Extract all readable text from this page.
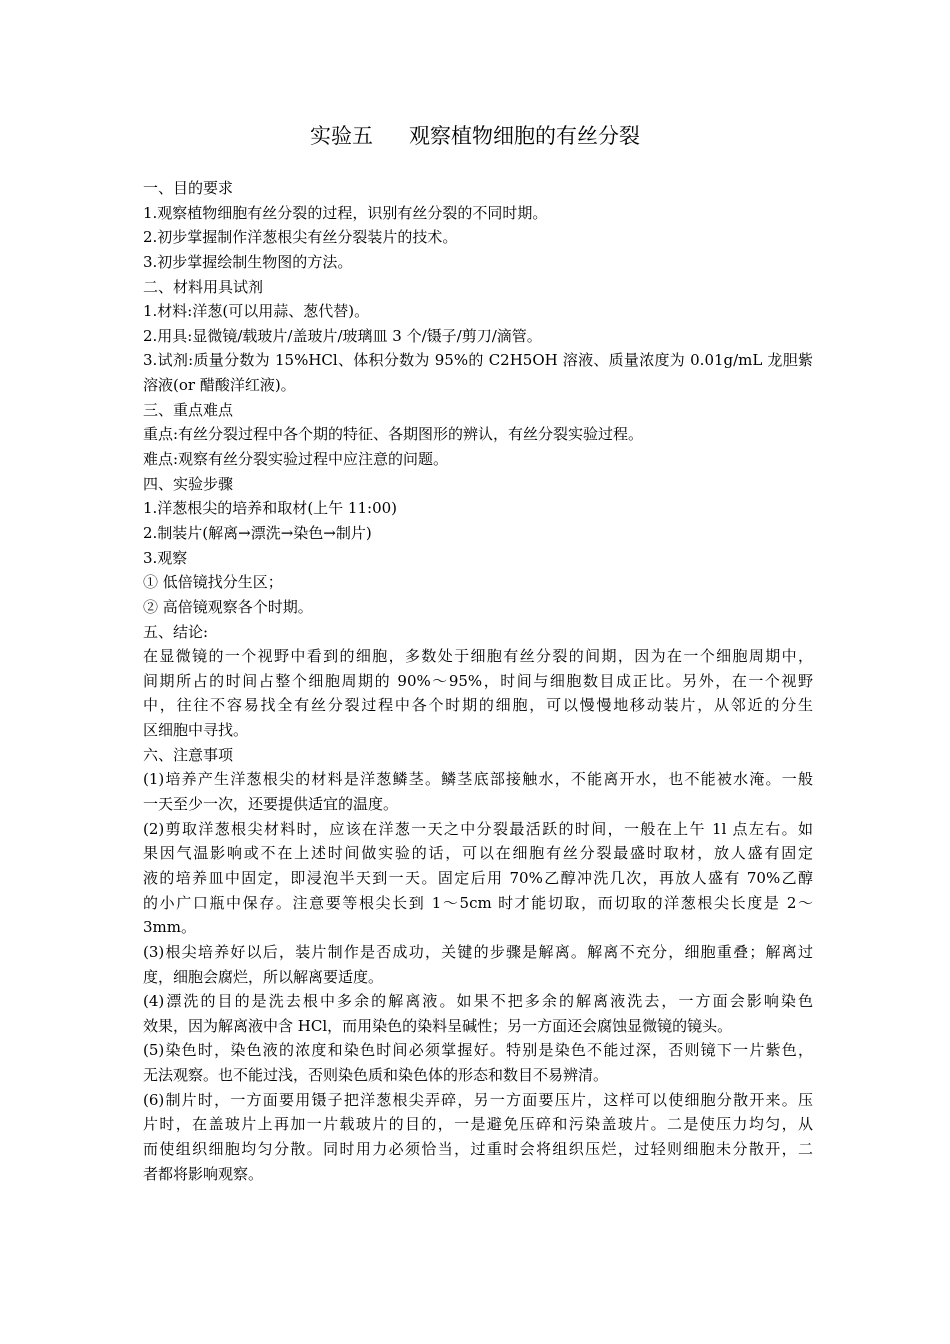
实验五 观察植物细胞的有丝分裂
一、目的要求
1.观察植物细胞有丝分裂的过程，识别有丝分裂的不同时期。
2.初步掌握制作洋葱根尖有丝分裂装片的技术。
3.初步掌握绘制生物图的方法。
二、材料用具试剂
1.材料:洋葱(可以用蒜、葱代替)。
2.用具:显微镜/载玻片/盖玻片/玻璃皿 3 个/镊子/剪刀/滴管。
3.试剂:质量分数为 15%HCl、体积分数为 95%的 C2H5OH 溶液、质量浓度为 0.01g/mL 龙胆紫
溶液(or 醋酸洋红液)。
三、重点难点
重点:有丝分裂过程中各个期的特征、各期图形的辨认，有丝分裂实验过程。
难点:观察有丝分裂实验过程中应注意的问题。
四、实验步骤
1.洋葱根尖的培养和取材(上午 11:00)
2.制装片(解离→漂洗→染色→制片)
3.观察
① 低倍镜找分生区；
② 高倍镜观察各个时期。
五、结论:
在显微镜的一个视野中看到的细胞，多数处于细胞有丝分裂的间期，因为在一个细胞周期中，
间期所占的时间占整个细胞周期的 90%～95%，时间与细胞数目成正比。另外，在一个视野
中，往往不容易找全有丝分裂过程中各个时期的细胞，可以慢慢地移动装片，从邻近的分生
区细胞中寻找。
六、注意事项
(1)培养产生洋葱根尖的材料是洋葱鳞茎。鳞茎底部接触水，不能离开水，也不能被水淹。一般
一天至少一次，还要提供适宜的温度。
(2)剪取洋葱根尖材料时，应该在洋葱一天之中分裂最活跃的时间，一般在上午 1l 点左右。如
果因气温影响或不在上述时间做实验的话，可以在细胞有丝分裂最盛时取材，放人盛有固定
液的培养皿中固定，即浸泡半天到一天。固定后用 70%乙醇冲洗几次，再放人盛有 70%乙醇
的小广口瓶中保存。注意要等根尖长到 1～5cm 时才能切取，而切取的洋葱根尖长度是 2～
3mm。
(3)根尖培养好以后，装片制作是否成功，关键的步骤是解离。解离不充分，细胞重叠；解离过
度，细胞会腐烂，所以解离要适度。
(4)漂洗的目的是洗去根中多余的解离液。如果不把多余的解离液洗去，一方面会影响染色
效果，因为解离液中含 HCl，而用染色的染料呈碱性；另一方面还会腐蚀显微镜的镜头。
(5)染色时，染色液的浓度和染色时间必须掌握好。特别是染色不能过深，否则镜下一片紫色，
无法观察。也不能过浅，否则染色质和染色体的形态和数目不易辨清。
(6)制片时，一方面要用镊子把洋葱根尖弄碎，另一方面要压片，这样可以使细胞分散开来。压
片时，在盖玻片上再加一片载玻片的目的，一是避免压碎和污染盖玻片。二是使压力均匀，从
而使组织细胞均匀分散。同时用力必须恰当，过重时会将组织压烂，过轻则细胞未分散开，二
者都将影响观察。
